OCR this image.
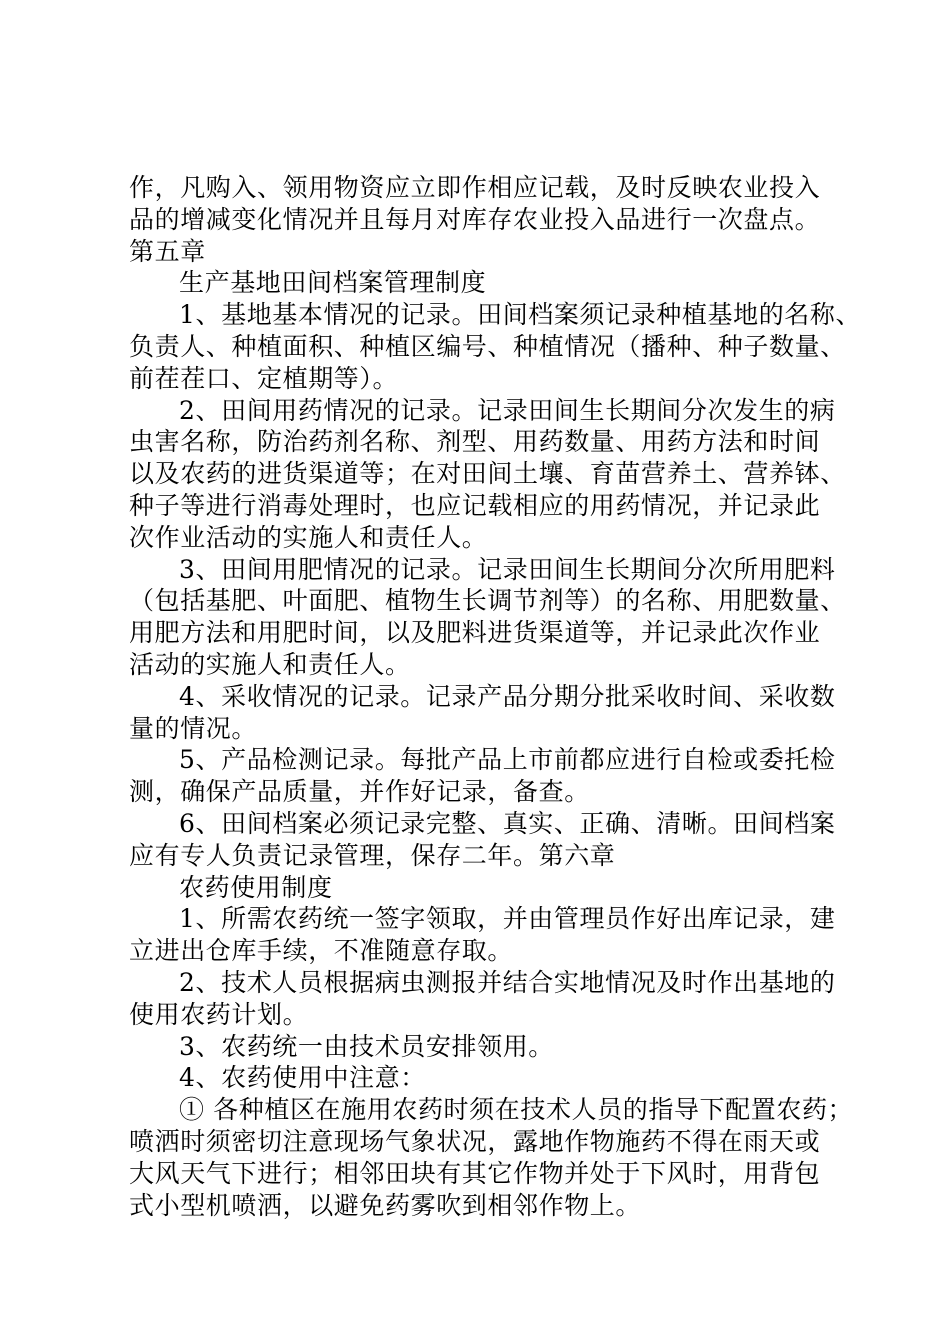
作，凡购入、领用物资应立即作相应记载，及时反映农业投入
品的增减变化情况并且每月对库存农业投入品进行一次盘点。
第五章
生产基地田间档案管理制度
1、基地基本情况的记录。田间档案须记录种植基地的名称、
负责人、种植面积、种植区编号、种植情况（播种、种子数量、
前茬茬口、定植期等）。
2、田间用药情况的记录。记录田间生长期间分次发生的病
虫害名称，防治药剂名称、剂型、用药数量、用药方法和时间
以及农药的进货渠道等；在对田间土壤、育苗营养土、营养钵、
种子等进行消毒处理时，也应记载相应的用药情况，并记录此
次作业活动的实施人和责任人。
3、田间用肥情况的记录。记录田间生长期间分次所用肥料
（包括基肥、叶面肥、植物生长调节剂等）的名称、用肥数量、
用肥方法和用肥时间，以及肥料进货渠道等，并记录此次作业
活动的实施人和责任人。
4、采收情况的记录。记录产品分期分批采收时间、采收数
量的情况。
5、产品检测记录。每批产品上市前都应进行自检或委托检
测，确保产品质量，并作好记录，备查。
6、田间档案必须记录完整、真实、正确、清晰。田间档案
应有专人负责记录管理，保存二年。第六章
农药使用制度
1、所需农药统一签字领取，并由管理员作好出库记录，建
立进出仓库手续，不准随意存取。
2、技术人员根据病虫测报并结合实地情况及时作出基地的
使用农药计划。
3、农药统一由技术员安排领用。
4、农药使用中注意：
① 各种植区在施用农药时须在技术人员的指导下配置农药；
喷洒时须密切注意现场气象状况，露地作物施药不得在雨天或
大风天气下进行；相邻田块有其它作物并处于下风时，用背包
式小型机喷洒，以避免药雾吹到相邻作物上。
